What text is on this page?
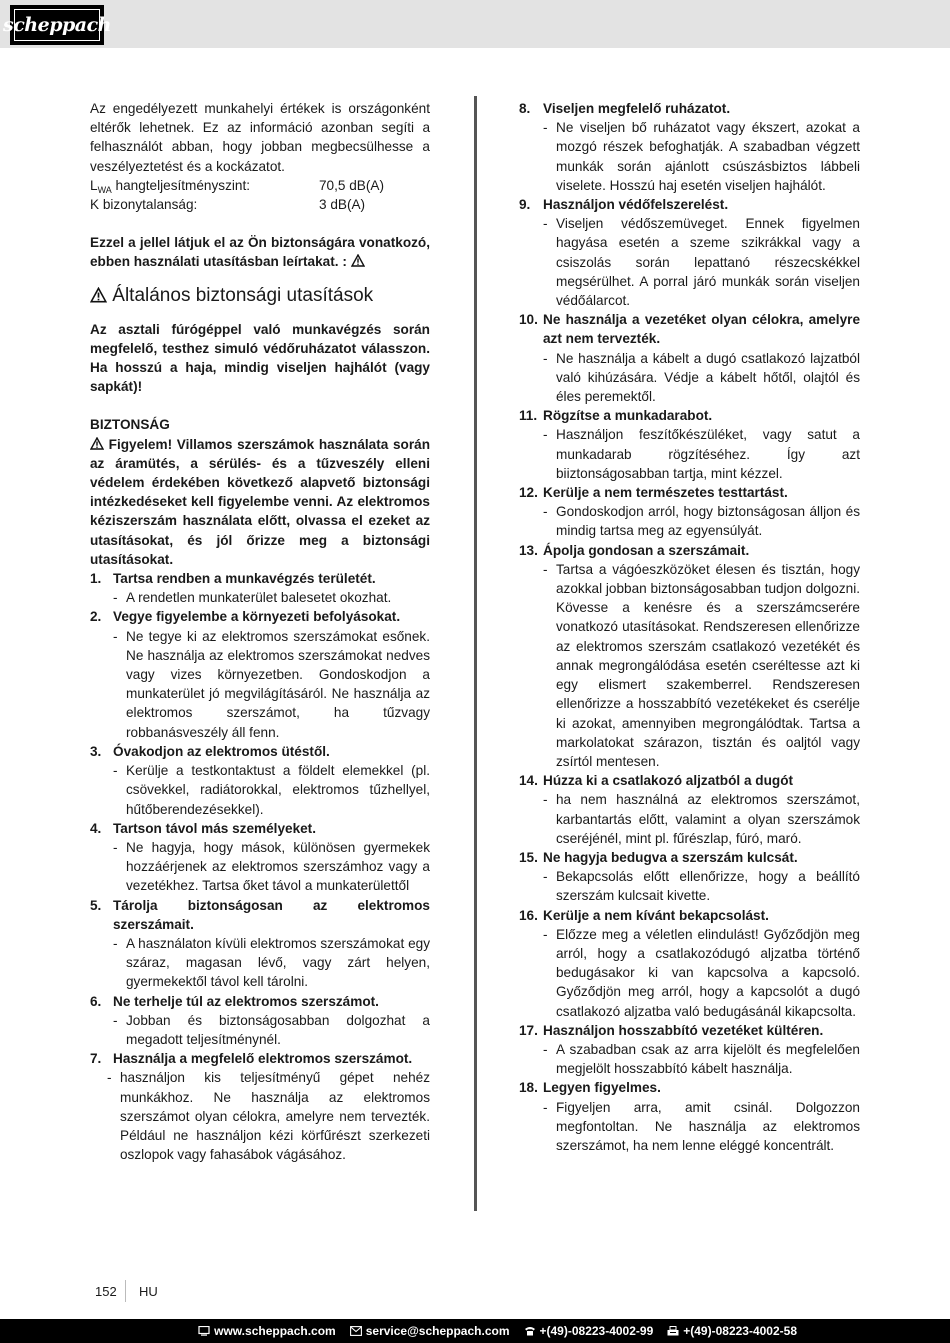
scheppach

Az engedélyezett munkahelyi értékek is országonként eltérők lehetnek. Ez az információ azonban segíti a felhasználót abban, hogy jobban megbecsülhesse a veszélyeztetést és a kockázatot.

$L_{WA}$ hangteljesítményszint:	70,5 dB(A)
K bizonytalanság:	3 dB(A)

Ezzel a jellel látjuk el az Ön biztonságára vonatkozó, ebben használati utasításban leírtakat. :

Általános biztonsági utasítások

Az asztali fúrógéppel való munkavégzés során megfelelő, testhez simuló védőruházatot válasszon. Ha hosszú a haja, mindig viseljen hajhálót (vagy sapkát)!

BIZTONSÁG

Figyelem! Villamos szerszámok használata során az áramütés, a sérülés- és a tűzveszély elleni védelem érdekében következő alapvető biztonsági intézkedéseket kell figyelembe venni. Az elektromos kéziszerszám használata előtt, olvassa el ezeket az utasításokat, és jól őrizze meg a biztonsági utasításokat.

1. Tartsa rendben a munkavégzés területét.
- A rendetlen munkaterület balesetet okozhat.
2. Vegye figyelembe a környezeti befolyásokat.
- Ne tegye ki az elektromos szerszámokat esőnek. Ne használja az elektromos szerszámokat nedves vagy vizes környezetben. Gondoskodjon a munkaterület jó megvilágításáról. Ne használja az elektromos szerszámot, ha tűzvagy robbanásveszély áll fenn.
3. Óvakodjon az elektromos ütéstől.
- Kerülje a testkontaktust a földelt elemekkel (pl. csövekkel, radiátorokkal, elektromos tűzhellyel, hűtőberendezésekkel).
4. Tartson távol más személyeket.
- Ne hagyja, hogy mások, különösen gyermekek hozzáérjenek az elektromos szerszámhoz vagy a vezetékhez. Tartsa őket távol a munkaterülettől
5. Tárolja biztonságosan az elektromos szerszámait.
- A használaton kívüli elektromos szerszámokat egy száraz, magasan lévő, vagy zárt helyen, gyermekektől távol kell tárolni.
6. Ne terhelje túl az elektromos szerszámot.
- Jobban és biztonságosabban dolgozhat a megadott teljesítménynél.
7. Használja a megfelelő elektromos szerszámot.
- használjon kis teljesítményű gépet nehéz munkákhoz. Ne használja az elektromos szerszámot olyan célokra, amelyre nem tervezték. Például ne használjon kézi körfűrészt szerkezeti oszlopok vagy fahasábok vágásához.
8. Viseljen megfelelő ruházatot.
- Ne viseljen bő ruházatot vagy ékszert, azokat a mozgó részek befoghatják. A szabadban végzett munkák során ajánlott csúszásbiztos lábbeli viselete. Hosszú haj esetén viseljen hajhálót.
9. Használjon védőfelszerelést.
- Viseljen védőszemüveget. Ennek figyelmen hagyása esetén a szeme szikrákkal vagy a csiszolás során lepattanó részecskékkel megsérülhet. A porral járó munkák során viseljen védőálarcot.
10. Ne használja a vezetéket olyan célokra, amelyre azt nem tervezték.
- Ne használja a kábelt a dugó csatlakozó lajzatból való kihúzására. Védje a kábelt hőtől, olajtól és éles peremektől.
11. Rögzítse a munkadarabot.
- Használjon feszítőkészüléket, vagy satut a munkadarab rögzítéséhez. Így azt biiztonságosabban tartja, mint kézzel.
12. Kerülje a nem természetes testtartást.
- Gondoskodjon arról, hogy biztonságosan álljon és mindig tartsa meg az egyensúlyát.
13. Ápolja gondosan a szerszámait.
- Tartsa a vágóeszközöket élesen és tisztán, hogy azokkal jobban biztonságosabban tudjon dolgozni. Kövesse a kenésre és a szerszámcserére vonatkozó utasításokat. Rendszeresen ellenőrizze az elektromos szerszám csatlakozó vezetékét és annak megrongálódása esetén cseréltesse azt ki egy elismert szakemberrel. Rendszeresen ellenőrizze a hosszabbító vezetékeket és cserélje ki azokat, amennyiben megrongálódtak. Tartsa a markolatokat szárazon, tisztán és oaljtól vagy zsírtól mentesen.
14. Húzza ki a csatlakozó aljzatból a dugót
- ha nem használná az elektromos szerszámot, karbantartás előtt, valamint a olyan szerszámok cseréjénél, mint pl. fűrészlap, fúró, maró.
15. Ne hagyja bedugva a szerszám kulcsát.
- Bekapcsolás előtt ellenőrizze, hogy a beállító szerszám kulcsait kivette.
16. Kerülje a nem kívánt bekapcsolást.
- Előzze meg a véletlen elindulást! Győződjön meg arról, hogy a csatlakozódugó aljzatba történő bedugásakor ki van kapcsolva a kapcsoló. Győződjön meg arról, hogy a kapcsolót a dugó csatlakozó aljzatba való bedugásánál kikapcsolta.
17. Használjon hosszabbító vezetéket kültéren.
- A szabadban csak az arra kijelölt és megfelelően megjelölt hosszabbító kábelt használja.
18. Legyen figyelmes.
- Figyeljen arra, amit csinál. Dolgozzon megfontoltan. Ne használja az elektromos szerszámot, ha nem lenne eléggé koncentrált.
152 HU
www.scheppach.com	service@scheppach.com	+(49)-08223-4002-99	+(49)-08223-4002-58
